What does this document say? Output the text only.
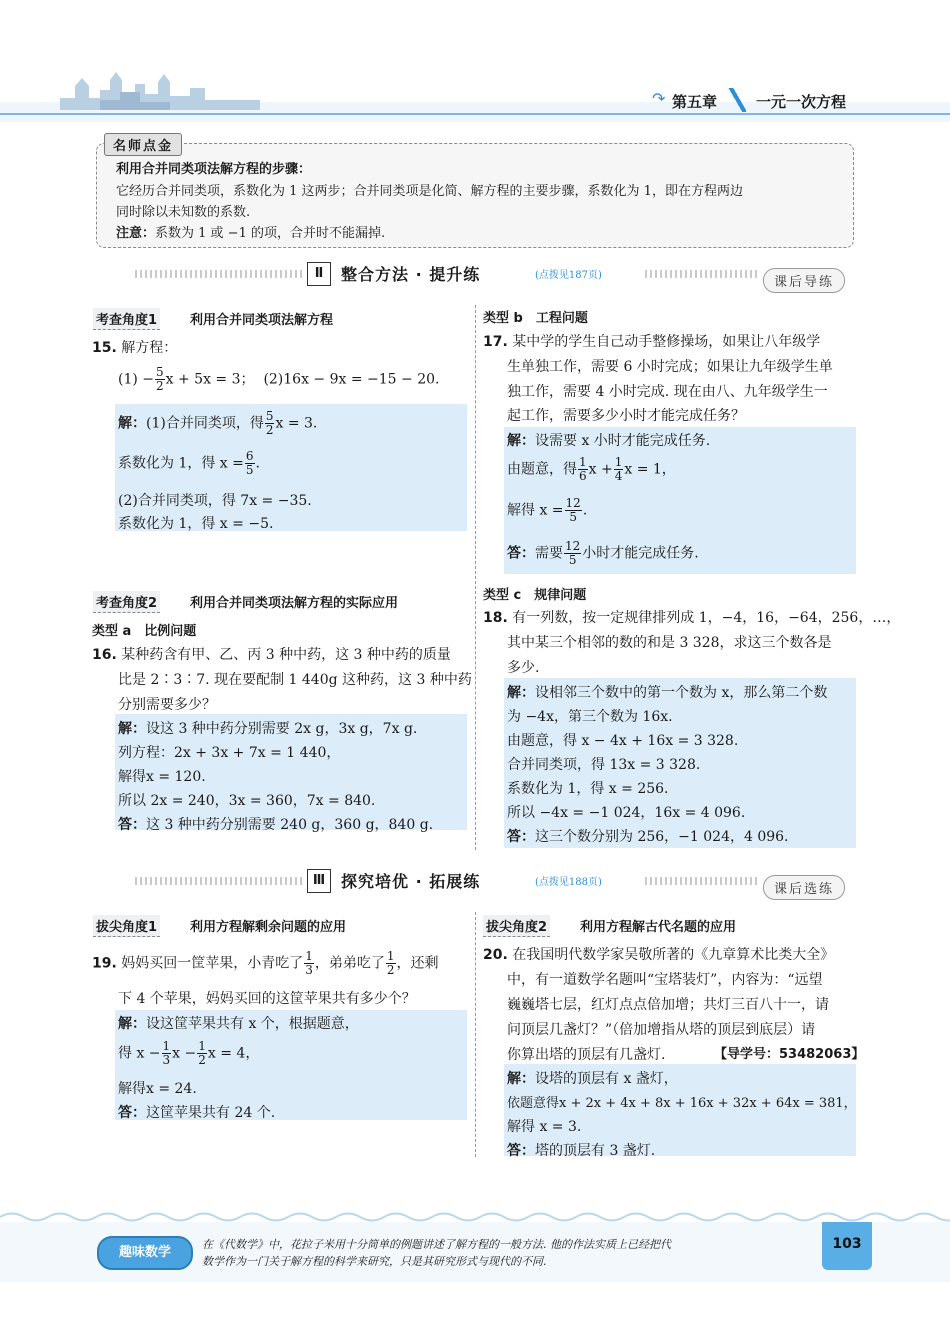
↷ 第五章	一元一次方程
名师点金
利用合并同类项法解方程的步骤：
它经历合并同类项，系数化为 1 这两步；合并同类项是化简、解方程的主要步骤，系数化为 1，即在方程两边
同时除以未知数的系数.
注意：系数为 1 或 −1 的项，合并时不能漏掉.
Ⅱ	整合方法 · 提升练	(点拨见187页)	课后导练
考查角度1	利用合并同类项法解方程
15. 解方程：
$(1) - \frac{5}{2}$ x + 5x = 3； (2)16x − 9x = −15 − 20.
解：(1)合并同类项，得 $\frac{5}{2}$ x = 3.
系数化为 1，得 $x = \frac{6}{5}$ .
(2)合并同类项，得 7x = −35.
系数化为 1，得 x = −5.
考查角度2	利用合并同类项法解方程的实际应用
类型 a　比例问题
16. 某种药含有甲、乙、丙 3 种中药，这 3 种中药的质量
比是 2∶3∶7. 现在要配制 1 440g 这种药，这 3 种中药
分别需要多少？
解：设这 3 种中药分别需要 2x g，3x g，7x g.
列方程：2x + 3x + 7x = 1 440，
解得x = 120.
所以 2x = 240，3x = 360，7x = 840.
答：这 3 种中药分别需要 240 g，360 g，840 g.
类型 b　工程问题
17. 某中学的学生自己动手整修操场，如果让八年级学
生单独工作，需要 6 小时完成；如果让九年级学生单
独工作，需要 4 小时完成. 现在由八、九年级学生一
起工作，需要多少小时才能完成任务？
解：设需要 x 小时才能完成任务.
由题意，得 $\frac{1}{6}$ $x + \frac{1}{4}$ x = 1，
解得 $x = \frac{12}{5}$ .
答：需要 $\frac{12}{5}$ 小时才能完成任务.
类型 c　规律问题
18. 有一列数，按一定规律排列成 1，−4，16，−64，256，…，
其中某三个相邻的数的和是 3 328，求这三个数各是
多少.
解：设相邻三个数中的第一个数为 x，那么第二个数
为 −4x，第三个数为 16x.
由题意，得 x − 4x + 16x = 3 328.
合并同类项，得 13x = 3 328.
系数化为 1，得 x = 256.
所以 −4x = −1 024，16x = 4 096.
答：这三个数分别为 256，−1 024，4 096.
Ⅲ 探究培优 · 拓展练	(点拨见188页)	课后选练
拔尖角度1	利用方程解剩余问题的应用
19. 妈妈买回一筐苹果，小青吃了 $\frac{1}{3}$ ，弟弟吃了 $\frac{1}{2}$ ，还剩
下 4 个苹果，妈妈买回的这筐苹果共有多少个？
解：设这筐苹果共有 x 个，根据题意，
得 $x - \frac{1}{3}$ $x - \frac{1}{2}$ x = 4，
解得x = 24.
答：这筐苹果共有 24 个.
拔尖角度2	利用方程解古代名题的应用
20. 在我国明代数学家吴敬所著的《九章算术比类大全》
中，有一道数学名题叫“宝塔装灯”，内容为：“远望
巍巍塔七层，红灯点点倍加增；共灯三百八十一，请
问顶层几盏灯？”（倍加增指从塔的顶层到底层）请
你算出塔的顶层有几盏灯.	【导学号：53482063】
解：设塔的顶层有 x 盏灯，
依题意得x + 2x + 4x + 8x + 16x + 32x + 64x = 381，
解得 x = 3.
答：塔的顶层有 3 盏灯.
趣味数学
在《代数学》中，花拉子米用十分简单的例题讲述了解方程的一般方法. 他的作法实质上已经把代
数学作为一门关于解方程的科学来研究，只是其研究形式与现代的不同.
103
